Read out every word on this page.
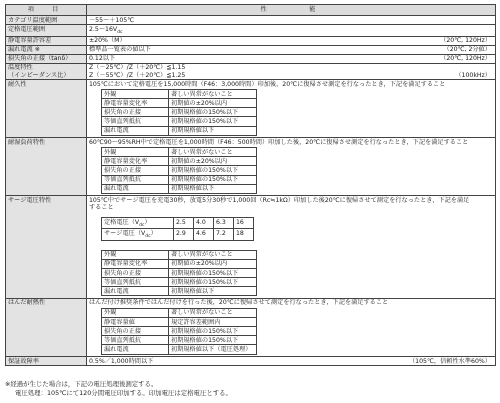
項　目	性　　　能
カテゴリ温度範囲	－55～＋105℃
定格電圧範囲	$2.5\sim 16V_{dc}$
静電容量許容差	±20%（M）	（20℃, 120Hz）

漏れ電流 ※	標準品一覧表の値以下	（20℃, 2分値）

損失角の正接（tanδ）	0.12以下	（20℃, 120Hz）

温度特性
（インピーダンス比）

Z（－25℃）/Z（＋20℃）≦1.15
Z（－55℃）/Z（＋20℃）≦1.25	（100kHz）

耐久性	105℃において定格電圧を15,000時間（F46：3,000時間）印加後，20℃に復帰させ測定を行なったとき，下記を満足すること
外観	著しい異常がないこと
静電容量変化率	初期値の±20%以内
損失角の正接	初期規格値の150%以下
等価直列抵抗	初期規格値の150%以下
漏れ電流	初期規格値以下

耐湿負荷特性	60℃90～95%RH中で定格電圧を1,000時間（F46：500時間）印加した後，20℃に復帰させ測定を行なったとき，下記を満足すること
外観	著しい異常がないこと
静電容量変化率	初期値の±20%以内
損失角の正接	初期規格値の150%以下
等価直列抵抗	初期規格値の150%以下
漏れ電流	初期規格値以下

サージ電圧特性	105℃中でサージ電圧を充電30秒，放電5分30秒で1,000回（Rc≒1kΩ）印加した後20℃に復帰させて測定を行なったとき，下記を満足
すること
定格電圧$(V_{dc})$	2.5	4.0	6.3	16
サージ電圧$(V_{dc})$	2.9	4.6	7.2	18
外観	著しい異常がないこと
静電容量変化率	初期値の±20%以内
損失角の正接	初期規格値の150%以下
等価直列抵抗	初期規格値の150%以下
漏れ電流	初期規格値以下

はんだ耐熱性	はんだ付け推奨条件ではんだ付けを行った後，20℃に復帰させて測定を行なったとき，下記を満足すること
外観	著しい異常がないこと
静電容量値	規定許容差範囲内
損失角の正接	初期規格値の150%以下
等価直列抵抗	初期規格値の150%以下
漏れ電流	初期規格値以下（電圧処理）

保証故障率	0.5%／1,000時間以下	（105℃，信頼性水準60%）
※経過が生じた場合は，下記の電圧処理後測定する。
電圧処理：105℃にて120分間電圧印加する。印加電圧は定格電圧とする。
